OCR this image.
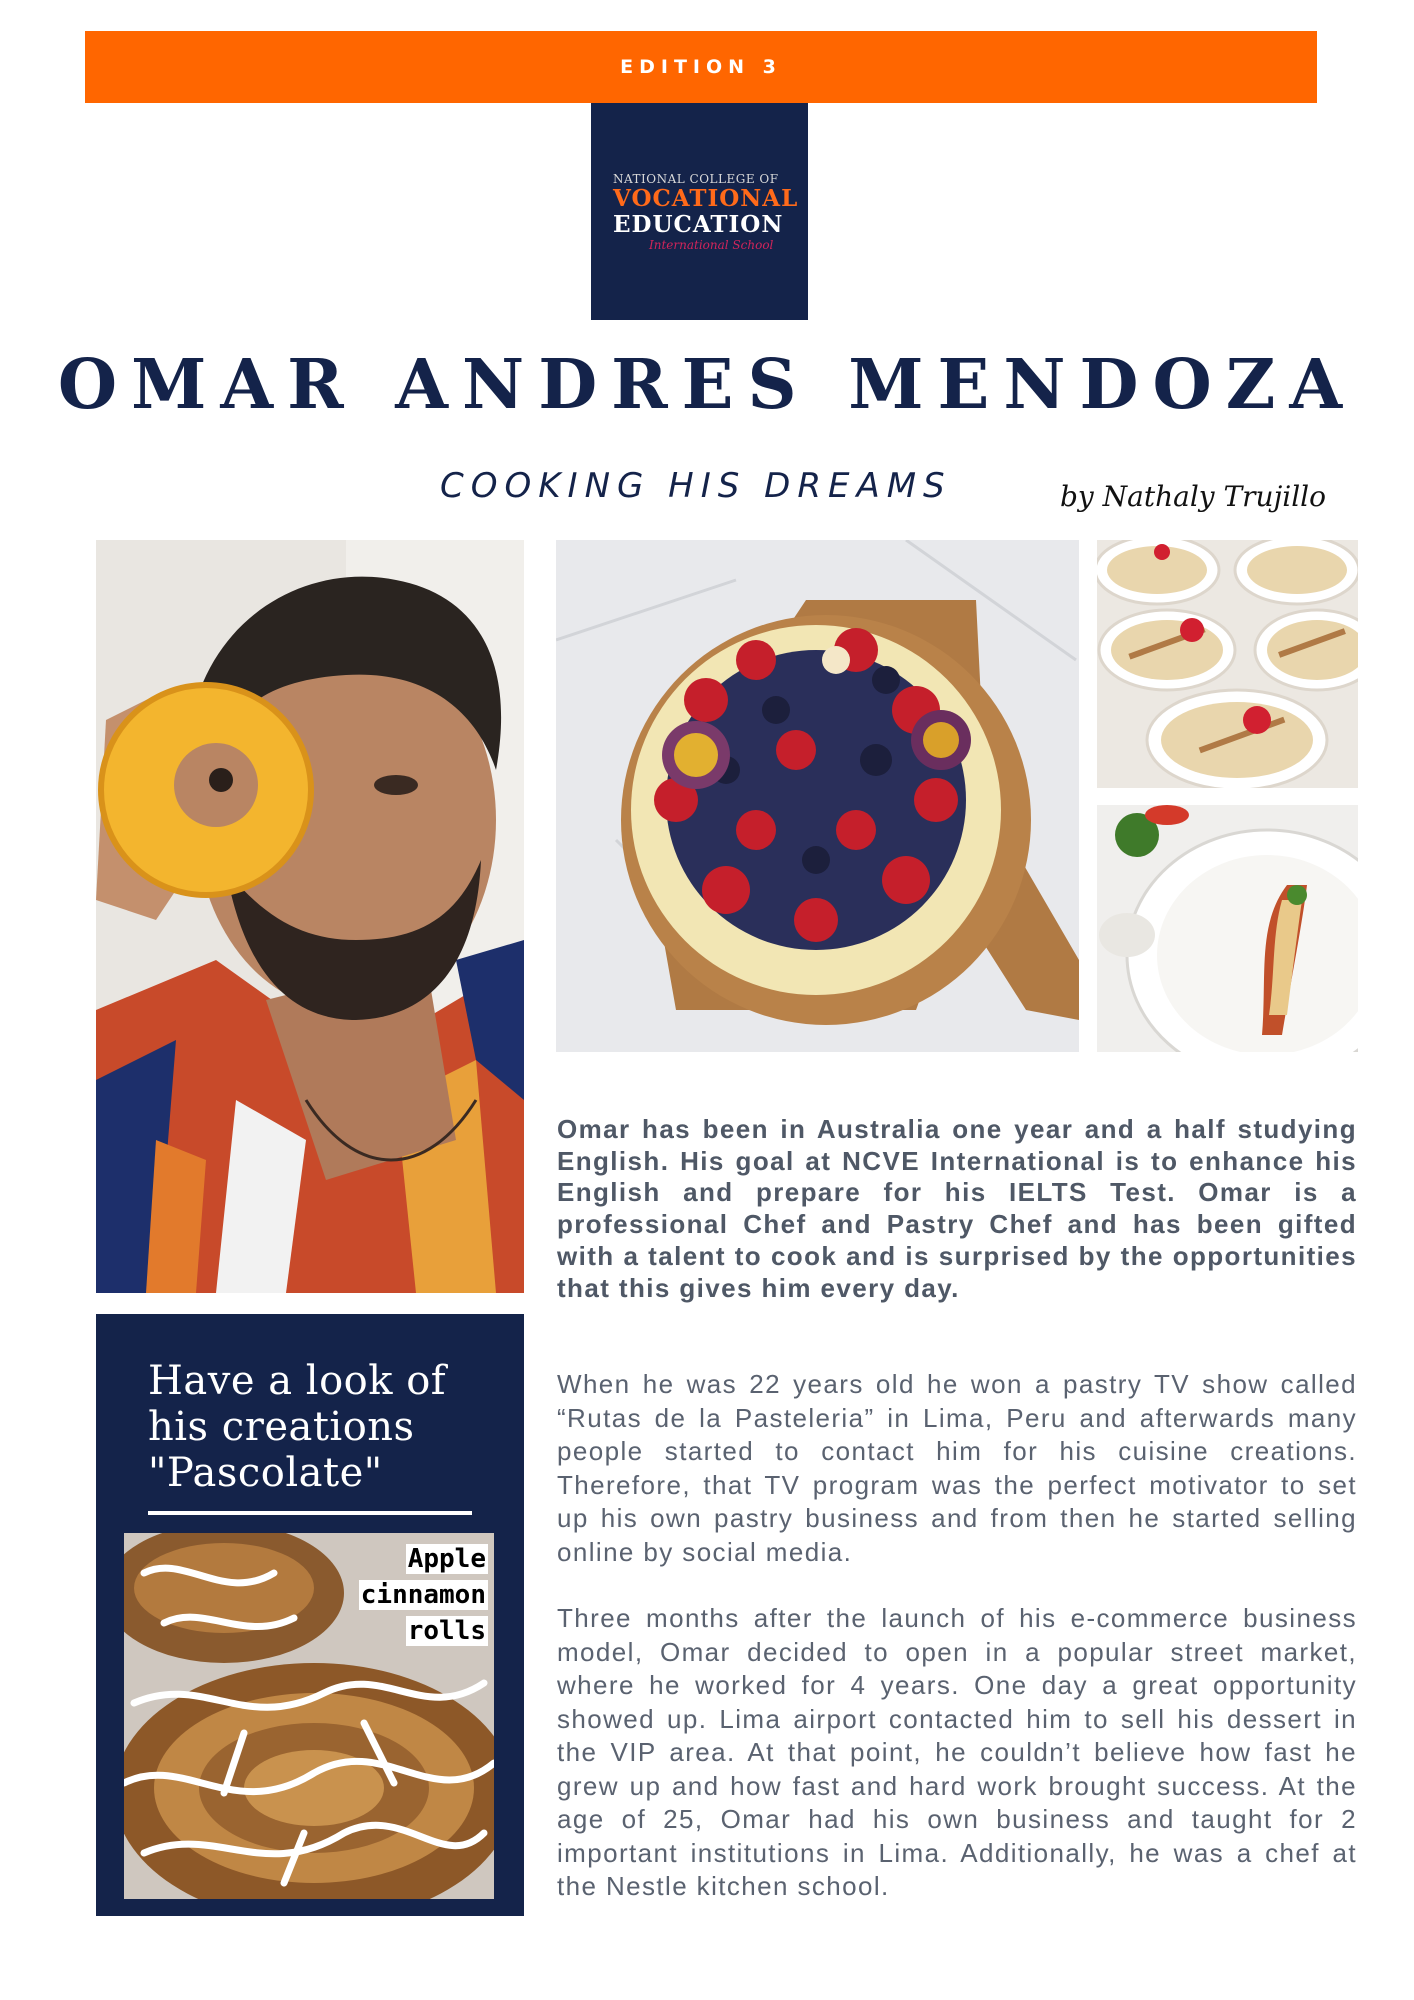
EDITION 3
NATIONAL COLLEGE OF
VOCATIONAL
EDUCATION
International School
OMAR ANDRES MENDOZA
COOKING HIS DREAMS	by Nathaly Trujillo
Have a look of his creations "Pascolate"
Apple
cinnamon
rolls

Omar has been in Australia one year and a half studying English. His goal at NCVE International is to enhance his English and prepare for his IELTS Test. Omar is a professional Chef and Pastry Chef and has been gifted with a talent to cook and is surprised by the opportunities that this gives him every day.

When he was 22 years old he won a pastry TV show called “Rutas de la Pasteleria” in Lima, Peru and afterwards many people started to contact him for his cuisine creations. Therefore, that TV program was the perfect motivator to set up his own pastry business and from then he started selling online by social media.

Three months after the launch of his e-commerce business model, Omar decided to open in a popular street market, where he worked for 4 years. One day a great opportunity showed up. Lima airport contacted him to sell his dessert in the VIP area. At that point, he couldn’t believe how fast he grew up and how fast and hard work brought success. At the age of 25, Omar had his own business and taught for 2 important institutions in Lima. Additionally, he was a chef at the Nestle kitchen school.
